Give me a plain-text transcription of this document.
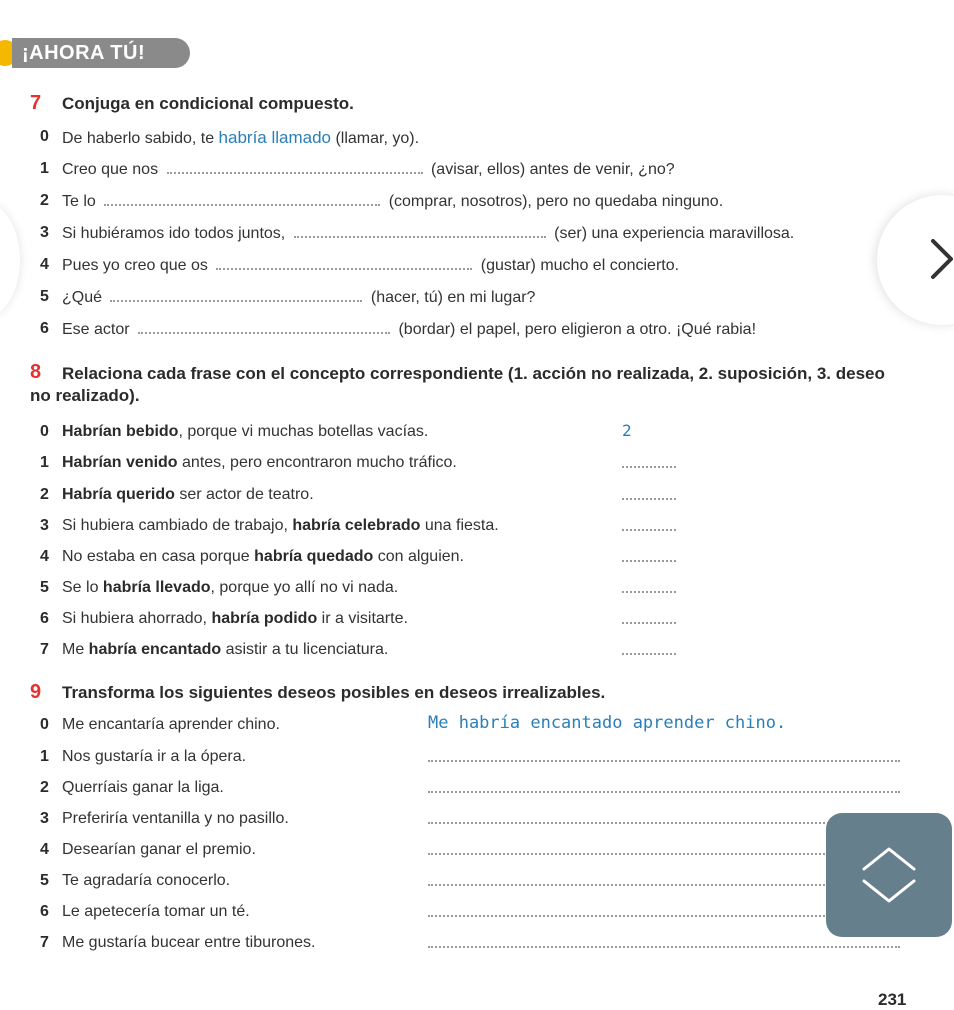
¡AHORA TÚ!
7 Conjuga en condicional compuesto.
0 De haberlo sabido, te habría llamado (llamar, yo).
1 Creo que nos	(avisar, ellos) antes de venir, ¿no?
2 Te lo	(comprar, nosotros), pero no quedaba ninguno.
3 Si hubiéramos ido todos juntos,	(ser) una experiencia maravillosa.
4 Pues yo creo que os	(gustar) mucho el concierto.
5 ¿Qué	(hacer, tú) en mi lugar?
6 Ese actor	(bordar) el papel, pero eligieron a otro. ¡Qué rabia!
8 Relaciona cada frase con el concepto correspondiente (1. acción no realizada, 2. suposición, 3. deseo
no realizado).
0 Habrían bebido, porque vi muchas botellas vacías.	2
1 Habrían venido antes, pero encontraron mucho tráfico.
2 Habría querido ser actor de teatro.
3 Si hubiera cambiado de trabajo, habría celebrado una fiesta.
4 No estaba en casa porque habría quedado con alguien.
5 Se lo habría llevado, porque yo allí no vi nada.
6 Si hubiera ahorrado, habría podido ir a visitarte.
7 Me habría encantado asistir a tu licenciatura.
9 Transforma los siguientes deseos posibles en deseos irrealizables.
0 Me encantaría aprender chino.	Me habría encantado aprender chino.
1 Nos gustaría ir a la ópera.
2 Querríais ganar la liga.
3 Preferiría ventanilla y no pasillo.
4 Desearían ganar el premio.
5 Te agradaría conocerlo.
6 Le apetecería tomar un té.
7 Me gustaría bucear entre tiburones.
231
